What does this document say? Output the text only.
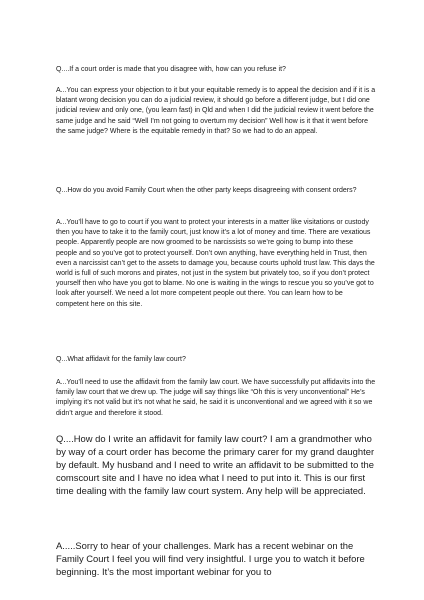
Q....If a court order is made that you disagree with, how can you refuse it?

A...You can express your objection to it but your equitable remedy is to appeal the decision and if it is a blatant wrong decision you can do a judicial review, it should go before a different judge, but I did one judicial review and only one, (you learn fast) in Qld and when I did the judicial review it went before the same judge and he said “Well I’m not going to overturn my decision” Well how is it that it went before the same judge? Where is the equitable remedy in that? So we had to do an appeal.

Q...How do you avoid Family Court when the other party keeps disagreeing with consent orders?

A...You’ll have to go to court if you want to protect your interests in a matter like visitations or custody then you have to take it to the family court, just know it’s a lot of money and time. There are vexatious people. Apparently people are now groomed to be narcissists so we’re going to bump into these people and so you’ve got to protect yourself. Don’t own anything, have everything held in Trust, then even a narcissist can’t get to the assets to damage you, because courts uphold trust law. This days the world is full of such morons and pirates, not just in the system but privately too, so if you don’t protect yourself then who have you got to blame. No one is waiting in the wings to rescue you so you’ve got to look after yourself. We need a lot more competent people out there. You can learn how to be competent here on this site.

Q...What affidavit for the family law court?

A...You’ll need to use the affidavit from the family law court. We have successfully put affidavits into the family law court that we drew up. The judge will say things like “Oh this is very unconventional” He’s implying it’s not valid but it’s not what he said, he said it is unconventional and we agreed with it so we didn’t argue and therefore it stood.

Q....How do I write an affidavit for family law court? I am a grandmother who by way of a court order has become the primary carer for my grand daughter by default. My husband and I need to write an affidavit to be submitted to the comscourt site and I have no idea what I need to put into it. This is our first time dealing with the family law court system. Any help will be appreciated.

A.....Sorry to hear of your challenges. Mark has a recent webinar on the Family Court I feel you will find very insightful. I urge you to watch it before beginning. It’s the most important webinar for you to
